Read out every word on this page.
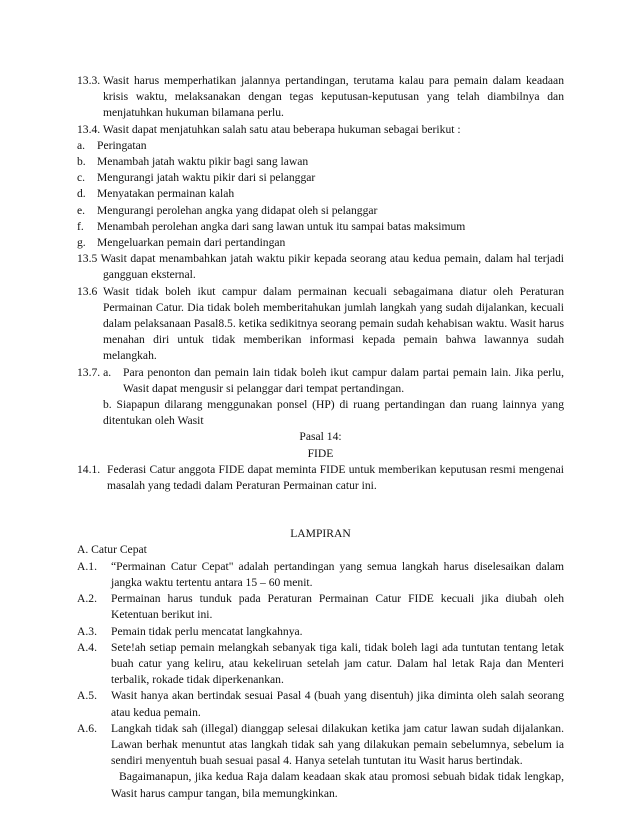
13.3. Wasit harus memperhatikan jalannya pertandingan, terutama kalau para pemain dalam keadaan krisis waktu, melaksanakan dengan tegas keputusan-keputusan yang telah diambilnya dan menjatuhkan hukuman bilamana perlu.
13.4. Wasit dapat menjatuhkan salah satu atau beberapa hukuman sebagai berikut :
a.	Peringatan
b. Menambah jatah waktu pikir bagi sang lawan
c.	Mengurangi jatah waktu pikir dari si pelanggar
d. Menyatakan permainan kalah
e.	Mengurangi perolehan angka yang didapat oleh si pelanggar
f.	Menambah perolehan angka dari sang lawan untuk itu sampai batas maksimum
g. Mengeluarkan pemain dari pertandingan
13.5 Wasit dapat menambahkan jatah waktu pikir kepada seorang atau kedua pemain, dalam hal terjadi gangguan eksternal.
13.6 Wasit tidak boleh ikut campur dalam permainan kecuali sebagaimana diatur oleh Peraturan Permainan Catur. Dia tidak boleh memberitahukan jumlah langkah yang sudah dijalankan, kecuali dalam pelaksanaan Pasal8.5. ketika sedikitnya seorang pemain sudah kehabisan waktu. Wasit harus menahan diri untuk tidak memberikan informasi kepada pemain bahwa lawannya sudah melangkah.
13.7. a.	Para penonton dan pemain lain tidak boleh ikut campur dalam partai pemain lain. Jika perlu, Wasit dapat mengusir si pelanggar dari tempat pertandingan.
b. Siapapun dilarang menggunakan ponsel (HP) di ruang pertandingan dan ruang lainnya yang ditentukan oleh Wasit
Pasal 14:
FIDE
14.1. Federasi Catur anggota FIDE dapat meminta FIDE untuk memberikan keputusan resmi mengenai masalah yang tedadi dalam Peraturan Permainan catur ini.
LAMPIRAN
A. Catur Cepat
A.1.	“Permainan Catur Cepat" adalah pertandingan yang semua langkah harus diselesaikan dalam jangka waktu tertentu antara 15 – 60 menit.
A.2.	Permainan harus tunduk pada Peraturan Permainan Catur FIDE kecuali jika diubah oleh Ketentuan berikut ini.
A.3.	Pemain tidak perlu mencatat langkahnya.
A.4.	Sete!ah setiap pemain melangkah sebanyak tiga kali, tidak boleh lagi ada tuntutan tentang letak buah catur yang keliru, atau kekeliruan setelah jam catur. Dalam hal letak Raja dan Menteri terbalik, rokade tidak diperkenankan.
A.5.	Wasit hanya akan bertindak sesuai Pasal 4 (buah yang disentuh) jika diminta oleh salah seorang atau kedua pemain.
A.6.	Langkah tidak sah (illegal) dianggap selesai dilakukan ketika jam catur lawan sudah dijalankan. Lawan berhak menuntut atas langkah tidak sah yang dilakukan pemain sebelumnya, sebelum ia sendiri menyentuh buah sesuai pasal 4. Hanya setelah tuntutan itu Wasit harus bertindak.
Bagaimanapun, jika kedua Raja dalam keadaan skak atau promosi sebuah bidak tidak lengkap, Wasit harus campur tangan, bila memungkinkan.
